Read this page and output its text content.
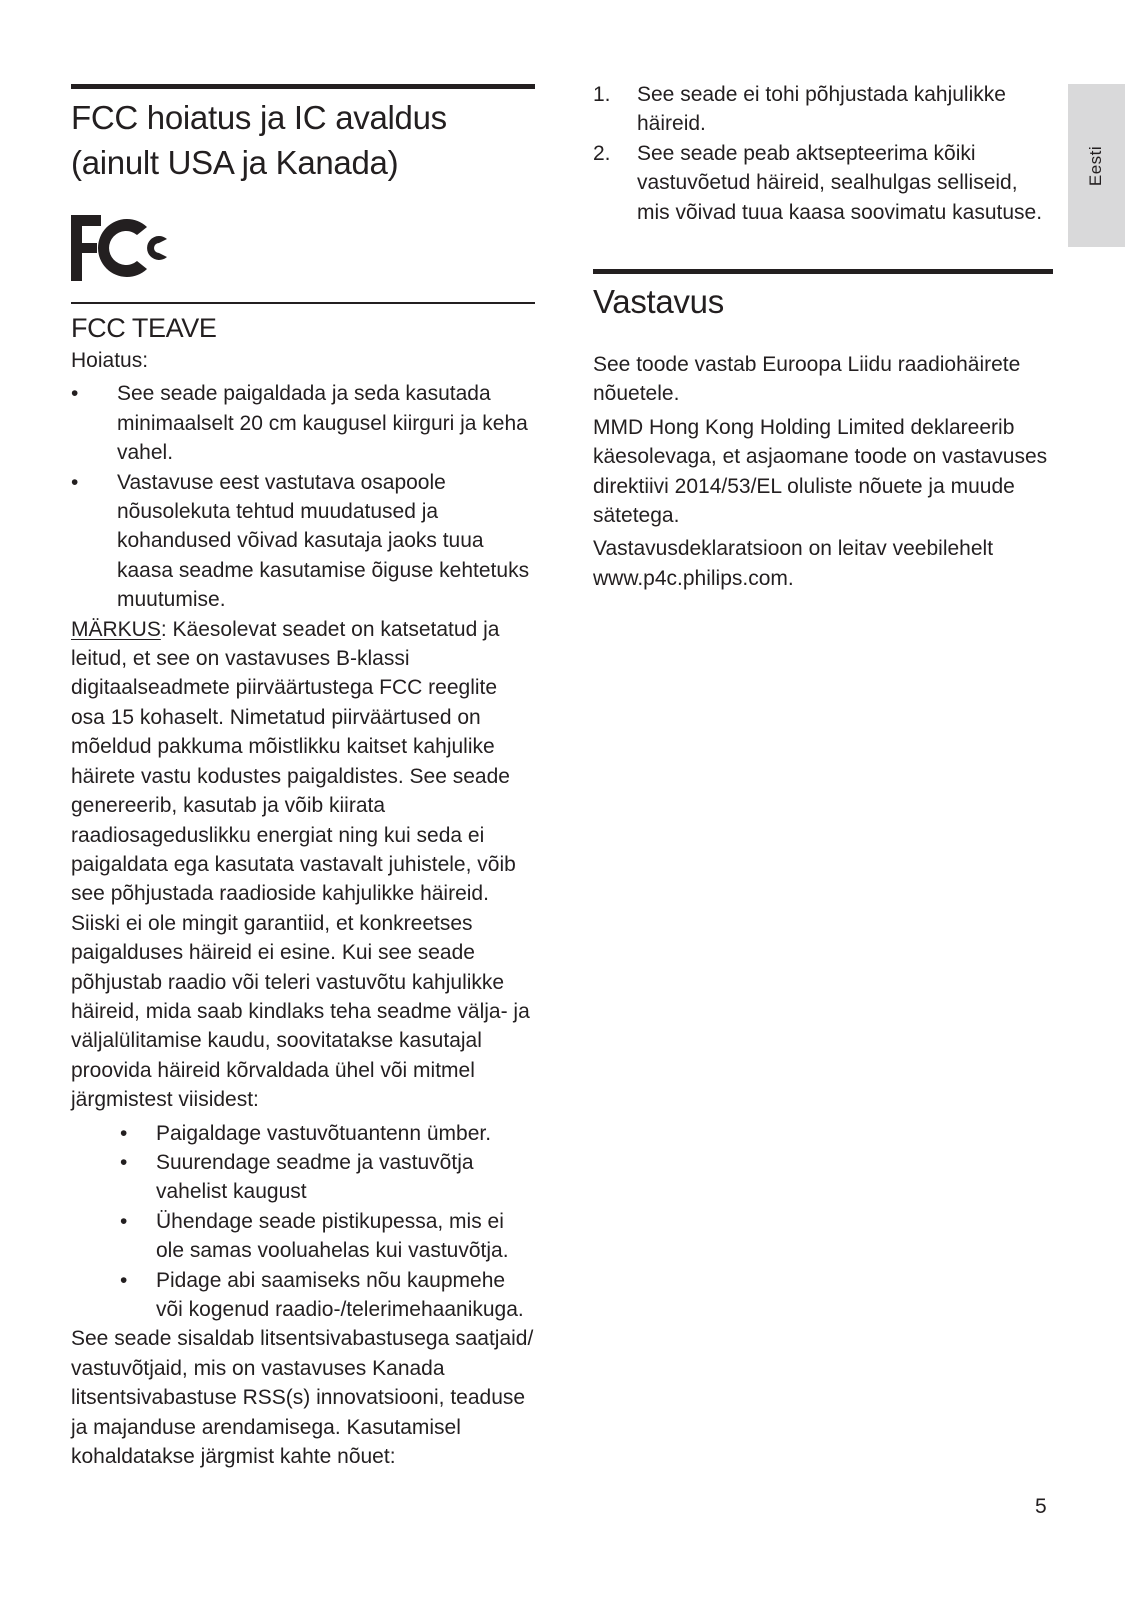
FCC hoiatus ja IC avaldus
(ainult USA ja Kanada)
FCC TEAVE

Hoiatus:

• See seade paigaldada ja seda kasutada minimaalselt 20 cm kaugusel kiirguri ja keha vahel.
• Vastavuse eest vastutava osapoole nõusolekuta tehtud muudatused ja kohandused võivad kasutaja jaoks tuua kaasa seadme kasutamise õiguse kehtetuks muutumise.

MÄRKUS: Käesolevat seadet on katsetatud ja leitud, et see on vastavuses B-klassi digitaalseadmete piirväärtustega FCC reeglite osa 15 kohaselt. Nimetatud piirväärtused on mõeldud pakkuma mõistlikku kaitset kahjulike häirete vastu kodustes paigaldistes. See seade genereerib, kasutab ja võib kiirata raadiosageduslikku energiat ning kui seda ei paigaldata ega kasutata vastavalt juhistele, võib see põhjustada raadioside kahjulikke häireid. Siiski ei ole mingit garantiid, et konkreetses paigalduses häireid ei esine. Kui see seade põhjustab raadio või teleri vastuvõtu kahjulikke häireid, mida saab kindlaks teha seadme välja- ja väljalülitamise kaudu, soovitatakse kasutajal proovida häireid kõrvaldada ühel või mitmel järgmistest viisidest:

• Paigaldage vastuvõtuantenn ümber.
• Suurendage seadme ja vastuvõtja vahelist kaugust
• Ühendage seade pistikupessa, mis ei ole samas vooluahelas kui vastuvõtja.
• Pidage abi saamiseks nõu kaupmehe või kogenud raadio-/telerimehaanikuga.

See seade sisaldab litsentsivabastusega saatjaid/ vastuvõtjaid, mis on vastavuses Kanada litsentsivabastuse RSS(s) innovatsiooni, teaduse ja majanduse arendamisega. Kasutamisel kohaldatakse järgmist kahte nõuet:

1. See seade ei tohi põhjustada kahjulikke häireid.
2. See seade peab aktsepteerima kõiki vastuvõetud häireid, sealhulgas selliseid, mis võivad tuua kaasa soovimatu kasutuse.
Vastavus

See toode vastab Euroopa Liidu raadiohäirete nõuetele.

MMD Hong Kong Holding Limited deklareerib käesolevaga, et asjaomane toode on vastavuses direktiivi 2014/53/EL oluliste nõuete ja muude sätetega.

Vastavusdeklaratsioon on leitav veebilehelt www.p4c.philips.com.

Eesti
5
